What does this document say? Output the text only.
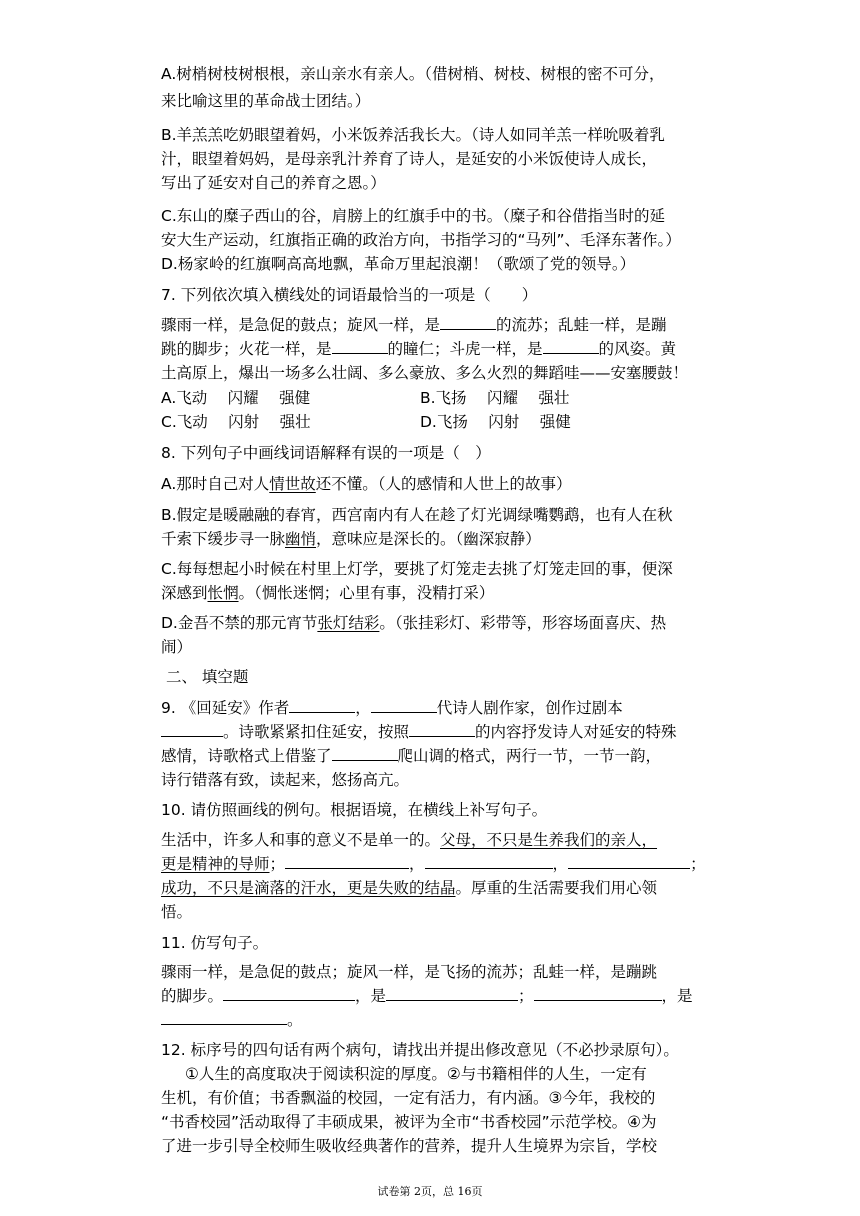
A.树梢树枝树根根，亲山亲水有亲人。（借树梢、树枝、树根的密不可分，
来比喻这里的革命战士团结。）
B.羊羔羔吃奶眼望着妈，小米饭养活我长大。（诗人如同羊羔一样吮吸着乳
汁，眼望着妈妈，是母亲乳汁养育了诗人，是延安的小米饭使诗人成长，
写出了延安对自己的养育之恩。）
C.东山的糜子西山的谷，肩膀上的红旗手中的书。（糜子和谷借指当时的延
安大生产运动，红旗指正确的政治方向，书指学习的“马列”、毛泽东著作。）
D.杨家岭的红旗啊高高地飘，革命万里起浪潮！（歌颂了党的领导。）
7. 下列依次填入横线处的词语最恰当的一项是（　　）
骤雨一样，是急促的鼓点；旋风一样，是	的流苏；乱蛙一样，是蹦
跳的脚步；火花一样，是	的瞳仁；斗虎一样，是	的风姿。黄
土高原上，爆出一场多么壮阔、多么豪放、多么火烈的舞蹈哇——安塞腰鼓！
A.飞动　 闪耀　 强健	B.飞扬　 闪耀　 强壮
C.飞动　 闪射　 强壮	D.飞扬　 闪射　 强健
8. 下列句子中画线词语解释有误的一项是（　）
A.那时自己对人情世故还不懂。（人的感情和人世上的故事）
B.假定是暖融融的春宵，西宫南内有人在趁了灯光调绿嘴鹦鹉，也有人在秋
千索下缓步寻一脉幽悄，意味应是深长的。（幽深寂静）
C.每每想起小时候在村里上灯学，要挑了灯笼走去挑了灯笼走回的事，便深
深感到怅惘。（惆怅迷惘；心里有事，没精打采）
D.金吾不禁的那元宵节张灯结彩。（张挂彩灯、彩带等，形容场面喜庆、热
闹）
二、 填空题
9. 《回延安》作者	，	代诗人剧作家，创作过剧本
。诗歌紧紧扣住延安，按照	的内容抒发诗人对延安的特殊
感情，诗歌格式上借鉴了	爬山调的格式，两行一节，一节一韵，
诗行错落有致，读起来，悠扬高亢。
10. 请仿照画线的例句。根据语境，在横线上补写句子。
生活中，许多人和事的意义不是单一的。父母，不只是生养我们的亲人，
更是精神的导师；	，	，	；
成功，不只是滴落的汗水，更是失败的结晶。厚重的生活需要我们用心领
悟。
11. 仿写句子。
骤雨一样，是急促的鼓点；旋风一样，是飞扬的流苏；乱蛙一样，是蹦跳
的脚步。	，是	；	，是
。
12. 标序号的四句话有两个病句，请找出并提出修改意见（不必抄录原句）。
①人生的高度取决于阅读积淀的厚度。②与书籍相伴的人生，一定有
生机，有价值；书香飘溢的校园，一定有活力，有内涵。③今年，我校的
“书香校园”活动取得了丰硕成果，被评为全市“书香校园”示范学校。④为
了进一步引导全校师生吸收经典著作的营养，提升人生境界为宗旨，学校
试卷第 2页，总 16页
